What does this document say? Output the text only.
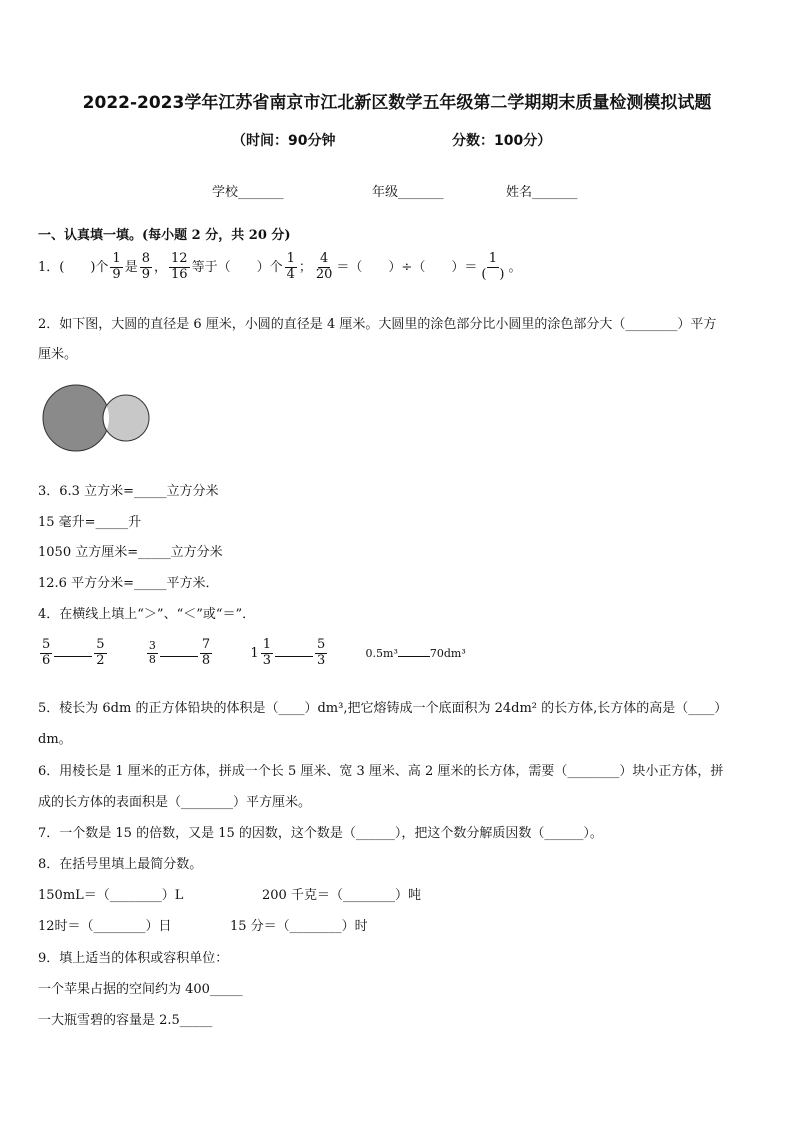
2022-2023学年江苏省南京市江北新区数学五年级第二学期期末质量检测模拟试题
（时间：90分钟	分数：100分）
学校_______	年级_______	姓名_______
一、认真填一填。(每小题 2 分，共 20 分)
1．(　　)个 $\frac{1}{9}$ 是 $\frac{8}{9}$ ， $\frac{12}{16}$ 等于（　　）个 $\frac{1}{4}$ ； $\frac{4}{20}$ ＝（　　）÷（　　）＝ $\frac{1}{( )}$ 。
2．如下图，大圆的直径是 6 厘米，小圆的直径是 4 厘米。大圆里的涂色部分比小圆里的涂色部分大（________）平方
厘米。
3．6.3 立方米=_____立方分米
15 毫升=_____升
1050 立方厘米=_____立方分米
12.6 平方分米=_____平方米．
4．在横线上填上“＞”、“＜”或“＝”．
$\frac{5}{6}$	$\frac{5}{2}$
	$\frac{3}{8}$	$\frac{7}{8}$	$1 \frac{1}{3}$	$\frac{5}{3}$	0.5m³	70dm³
5．棱长为 6dm 的正方体铅块的体积是（____）dm³,把它熔铸成一个底面积为 24dm² 的长方体,长方体的高是（____）
dm。
6．用棱长是 1 厘米的正方体，拼成一个长 5 厘米、宽 3 厘米、高 2 厘米的长方体，需要（________）块小正方体，拼
成的长方体的表面积是（________）平方厘米。
7．一个数是 15 的倍数，又是 15 的因数，这个数是（______），把这个数分解质因数（______）。
8．在括号里填上最简分数。
150mL＝（________）L	200 千克＝（________）吨
12时＝（________）日	15 分＝（________）时
9．填上适当的体积或容积单位：
一个苹果占据的空间约为 400_____
一大瓶雪碧的容量是 2.5_____
